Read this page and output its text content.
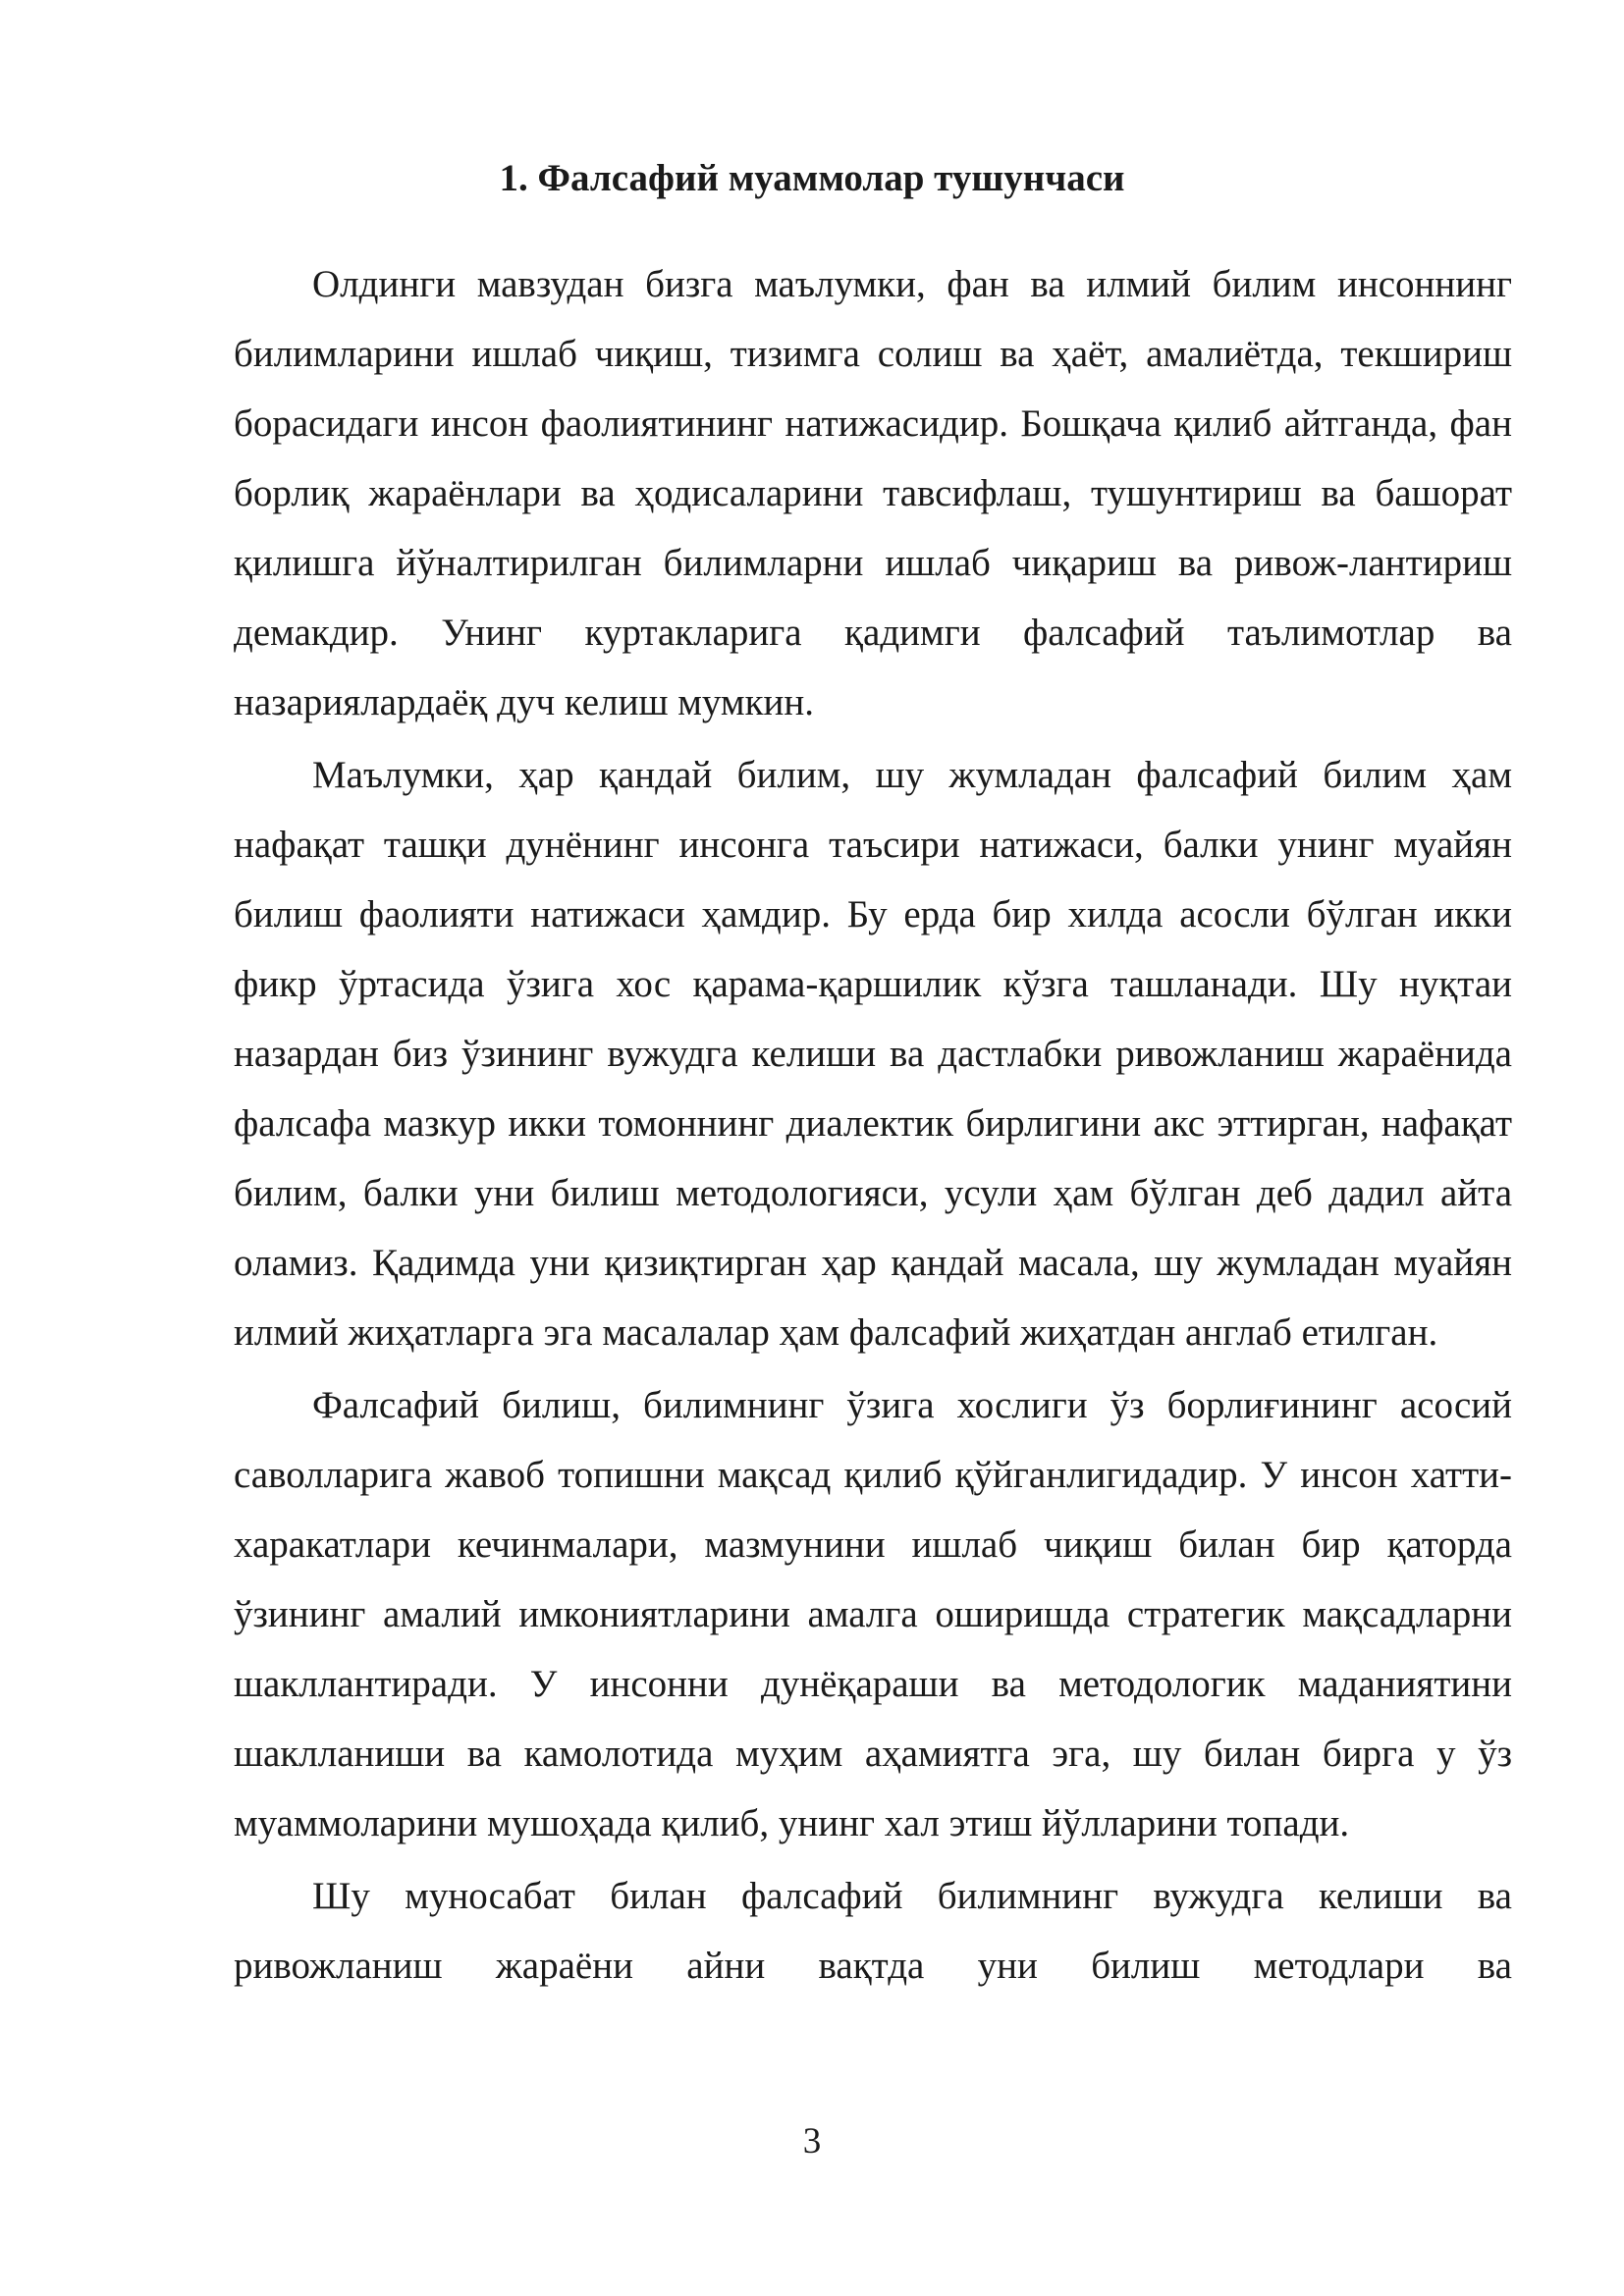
1. Фалсафий муаммолар тушунчаси

Олдинги мавзудан бизга маълумки, фан ва илмий билим инсоннинг билимларини ишлаб чиқиш, тизимга солиш ва ҳаёт, амалиётда, текшириш борасидаги инсон фаолиятининг натижасидир. Бошқача қилиб айтганда, фан борлиқ жараёнлари ва ҳодисаларини тавсифлаш, тушунтириш ва башорат қилишга йўналтирилган билимларни ишлаб чиқариш ва ривож-лантириш демакдир. Унинг куртакларига қадимги фалсафий таълимотлар ва назариялардаёқ дуч келиш мумкин.

Маълумки, ҳар қандай билим, шу жумладан фалсафий билим ҳам нафақат ташқи дунёнинг инсонга таъсири натижаси, балки унинг муайян билиш фаолияти натижаси ҳамдир. Бу ерда бир хилда асосли бўлган икки фикр ўртасида ўзига хос қарама-қаршилик кўзга ташланади. Шу нуқтаи назардан биз ўзининг вужудга келиши ва дастлабки ривожланиш жараёнида фалсафа мазкур икки томоннинг диалектик бирлигини акс эттирган, нафақат билим, балки уни билиш методологияси, усули ҳам бўлган деб дадил айта оламиз. Қадимда уни қизиқтирган ҳар қандай масала, шу жумладан муайян илмий жиҳатларга эга масалалар ҳам фалсафий жиҳатдан англаб етилган.

Фалсафий билиш, билимнинг ўзига хослиги ўз борлиғининг асосий саволларига жавоб топишни мақсад қилиб қўйганлигидадир. У инсон хатти-харакатлари кечинмалари, мазмунини ишлаб чиқиш билан бир қаторда ўзининг амалий имкониятларини амалга оширишда стратегик мақсадларни шакллантиради. У инсонни дунёқараши ва методологик маданиятини шаклланиши ва камолотида муҳим аҳамиятга эга, шу билан бирга у ўз муаммоларини мушоҳада қилиб, унинг хал этиш йўлларини топади.

Шу муносабат билан фалсафий билимнинг вужудга келиши ва ривожланиш жараёни айни вақтда уни билиш методлари ва

3
